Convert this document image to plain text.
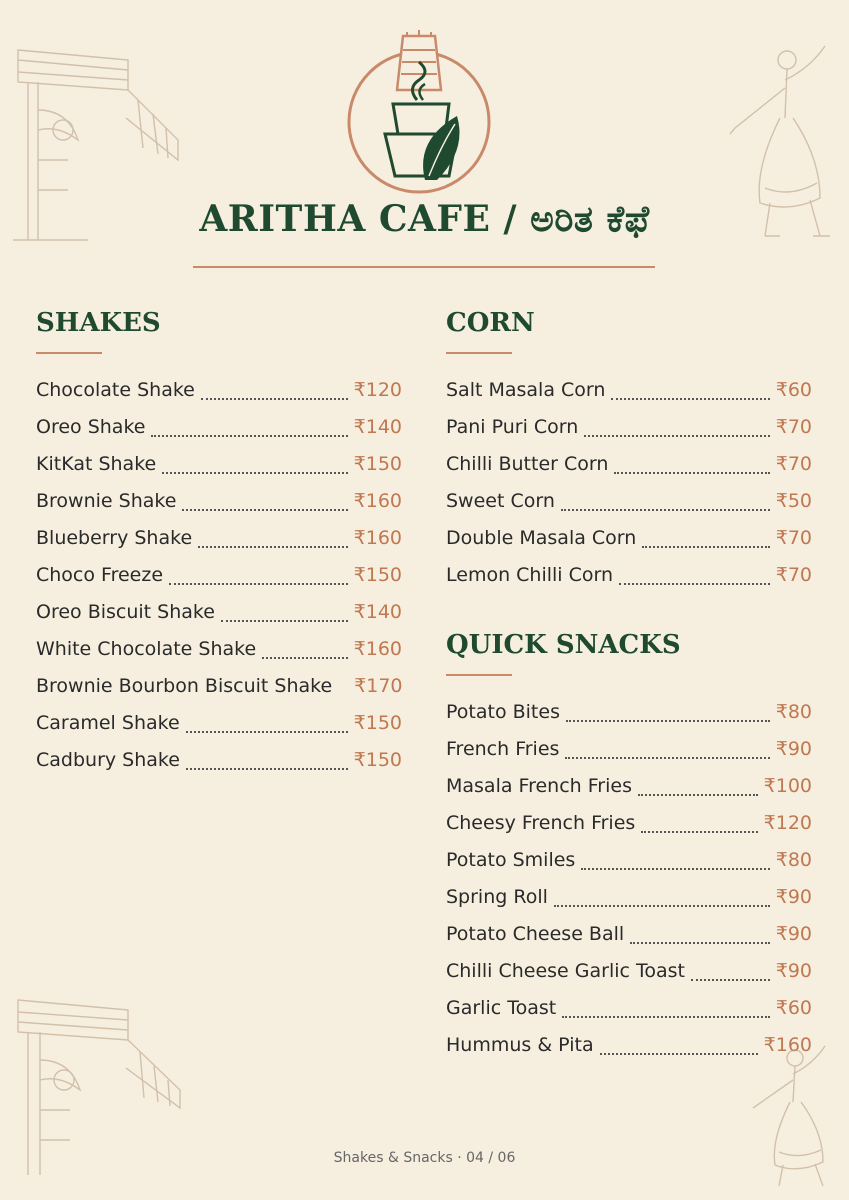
ARITHA CAFE / ಅರಿತ ಕೆಫೆ
SHAKES
Chocolate Shake	₹120
Oreo Shake	₹140
KitKat Shake	₹150
Brownie Shake	₹160
Blueberry Shake	₹160
Choco Freeze	₹150
Oreo Biscuit Shake	₹140
White Chocolate Shake	₹160
Brownie Bourbon Biscuit Shake ₹170
Caramel Shake	₹150
Cadbury Shake	₹150
CORN
Salt Masala Corn	₹60
Pani Puri Corn	₹70
Chilli Butter Corn	₹70
Sweet Corn	₹50
Double Masala Corn	₹70
Lemon Chilli Corn	₹70
QUICK SNACKS
Potato Bites	₹80
French Fries	₹90
Masala French Fries	₹100
Cheesy French Fries	₹120
Potato Smiles	₹80
Spring Roll	₹90
Potato Cheese Ball	₹90
Chilli Cheese Garlic Toast	₹90
Garlic Toast	₹60
Hummus & Pita	₹160
Shakes & Snacks · 04 / 06
